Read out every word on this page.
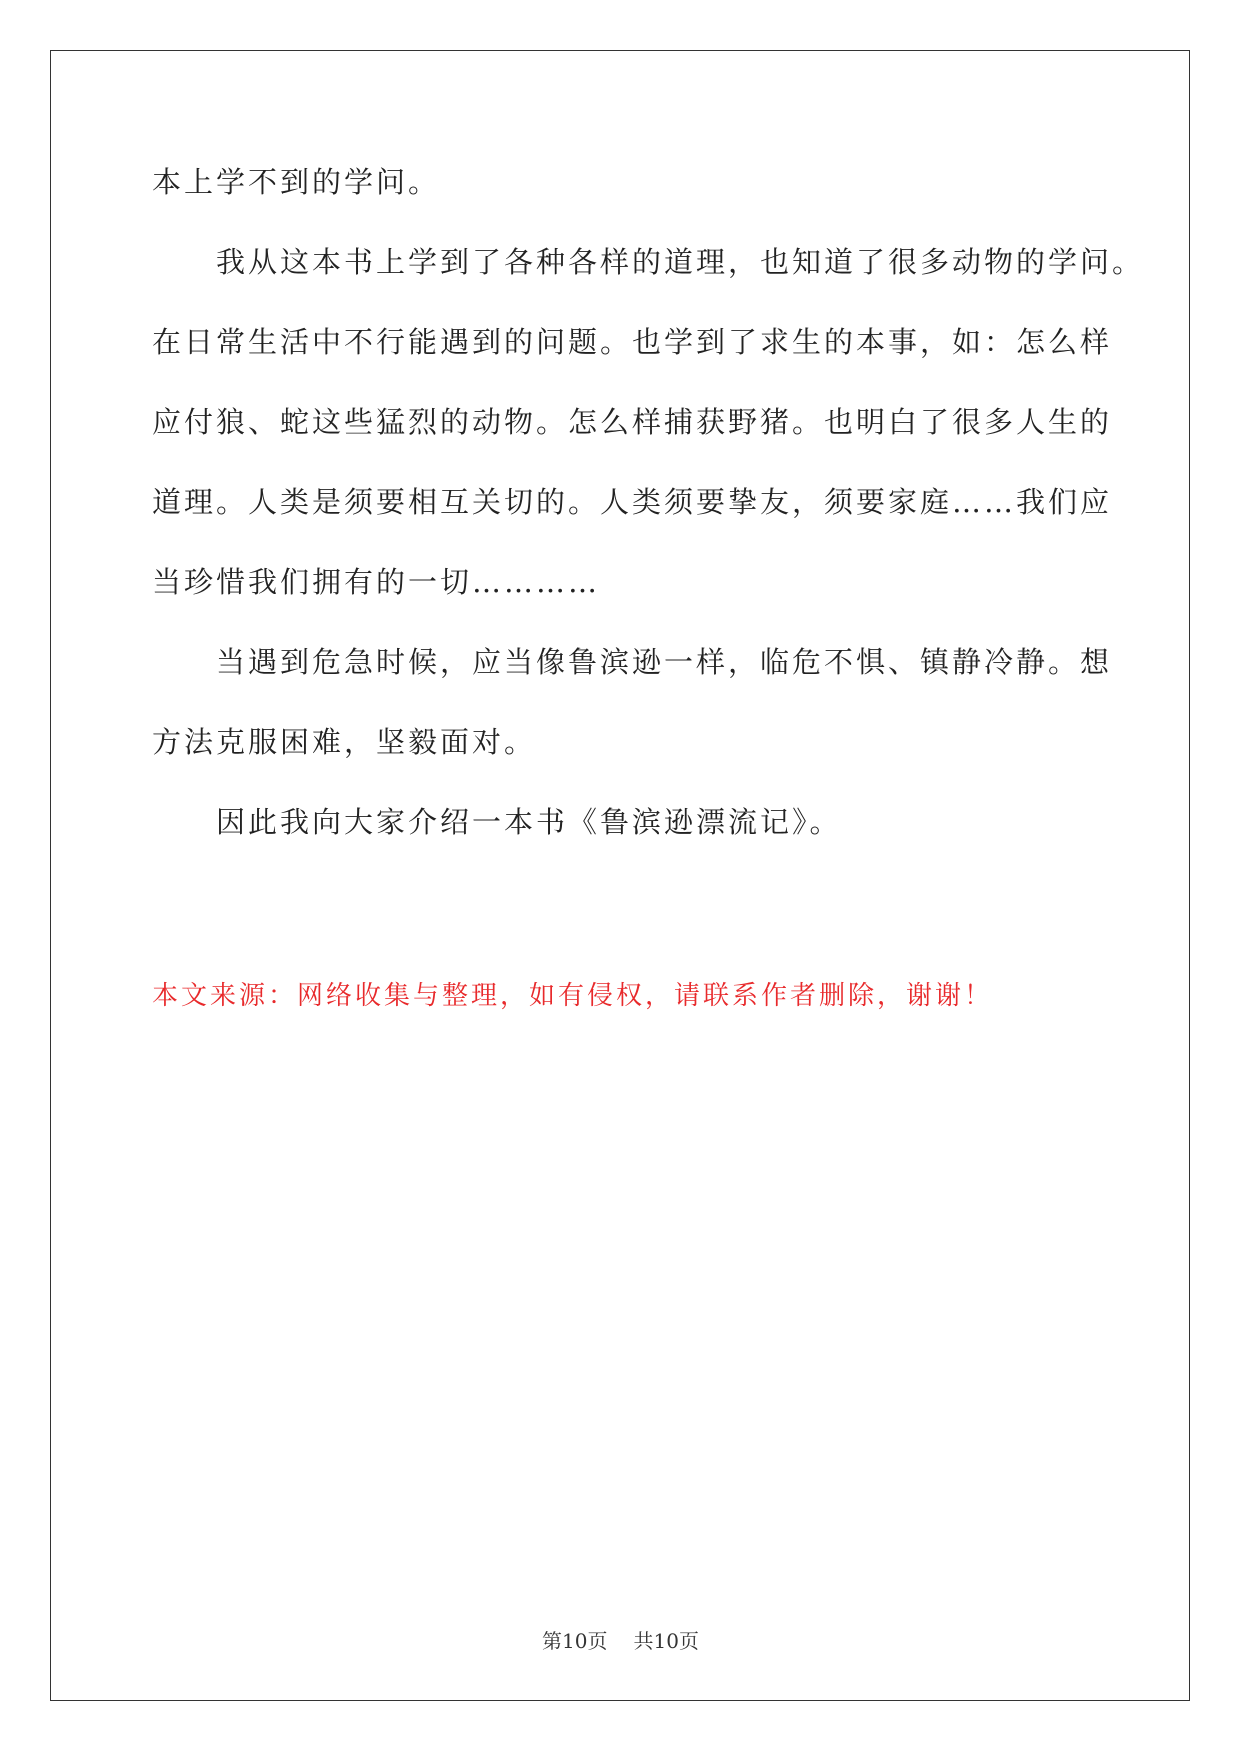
本上学不到的学问。
我从这本书上学到了各种各样的道理，也知道了很多动物的学问。
在日常生活中不行能遇到的问题。也学到了求生的本事，如：怎么样
应付狼、蛇这些猛烈的动物。怎么样捕获野猪。也明白了很多人生的
道理。人类是须要相互关切的。人类须要挚友，须要家庭……我们应
当珍惜我们拥有的一切…………
当遇到危急时候，应当像鲁滨逊一样，临危不惧、镇静冷静。想
方法克服困难，坚毅面对。
因此我向大家介绍一本书《鲁滨逊漂流记》。
本文来源：网络收集与整理，如有侵权，请联系作者删除，谢谢！
第10页 共10页
